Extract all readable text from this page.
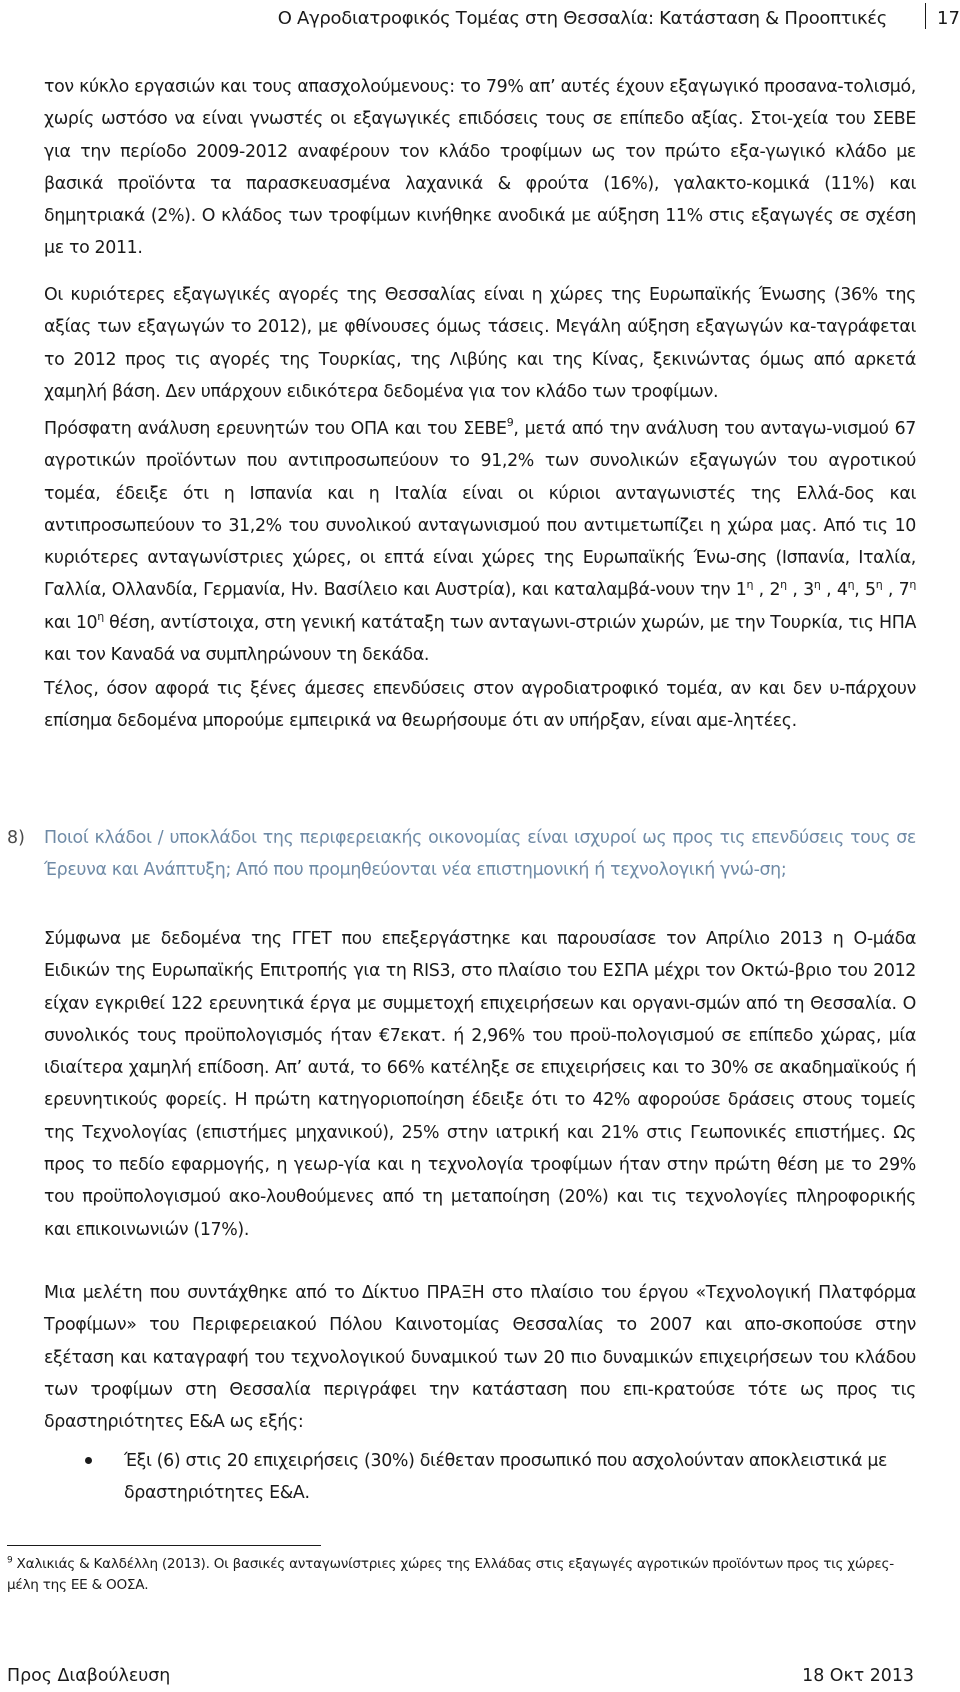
Ο Αγροδιατροφικός Τομέας στη Θεσσαλία: Κατάσταση & Προοπτικές	17

τον κύκλο εργασιών και τους απασχολούμενους: το 79% απ’ αυτές έχουν εξαγωγικό προσανα-τολισμό, χωρίς ωστόσο να είναι γνωστές οι εξαγωγικές επιδόσεις τους σε επίπεδο αξίας. Στοι-χεία του ΣΕΒΕ για την περίοδο 2009-2012 αναφέρουν τον κλάδο τροφίμων ως τον πρώτο εξα-γωγικό κλάδο με βασικά προϊόντα τα παρασκευασμένα λαχανικά & φρούτα (16%), γαλακτο-κομικά (11%) και δημητριακά (2%). Ο κλάδος των τροφίμων κινήθηκε ανοδικά με αύξηση 11% στις εξαγωγές σε σχέση με το 2011.

Οι κυριότερες εξαγωγικές αγορές της Θεσσαλίας είναι η χώρες της Ευρωπαϊκής Ένωσης (36% της αξίας των εξαγωγών το 2012), με φθίνουσες όμως τάσεις. Μεγάλη αύξηση εξαγωγών κα-ταγράφεται το 2012 προς τις αγορές της Τουρκίας, της Λιβύης και της Κίνας, ξεκινώντας όμως από αρκετά χαμηλή βάση. Δεν υπάρχουν ειδικότερα δεδομένα για τον κλάδο των τροφίμων.

Πρόσφατη ανάλυση ερευνητών του ΟΠΑ και του ΣΕΒΕ$^9$, μετά από την ανάλυση του ανταγω-νισμού 67 αγροτικών προϊόντων που αντιπροσωπεύουν το 91,2% των συνολικών εξαγωγών του αγροτικού τομέα, έδειξε ότι η Ισπανία και η Ιταλία είναι οι κύριοι ανταγωνιστές της Ελλά-δος και αντιπροσωπεύουν το 31,2% του συνολικού ανταγωνισμού που αντιμετωπίζει η χώρα μας. Από τις 10 κυριότερες ανταγωνίστριες χώρες, οι επτά είναι χώρες της Ευρωπαϊκής Ένω-σης (Ισπανία, Ιταλία, Γαλλία, Ολλανδία, Γερμανία, Ην. Βασίλειο και Αυστρία), και καταλαμβά-νουν την $1^\eta$ , $2^\eta$ , $3^\eta$ , $4^\eta$, $5^\eta$ , $7^\eta$ και $10^\eta$ θέση, αντίστοιχα, στη γενική κατάταξη των ανταγωνι-στριών χωρών, με την Τουρκία, τις ΗΠΑ και τον Καναδά να συμπληρώνουν τη δεκάδα.

Τέλος, όσον αφορά τις ξένες άμεσες επενδύσεις στον αγροδιατροφικό τομέα, αν και δεν υ-πάρχουν επίσημα δεδομένα μπορούμε εμπειρικά να θεωρήσουμε ότι αν υπήρξαν, είναι αμε-λητέες.

8) Ποιοί κλάδοι / υποκλάδοι της περιφερειακής οικονομίας είναι ισχυροί ως προς τις επενδύσεις τους σε Έρευνα και Ανάπτυξη; Από που προμηθεύονται νέα επιστημονική ή τεχνολογική γνώ-ση;

Σύμφωνα με δεδομένα της ΓΓΕΤ που επεξεργάστηκε και παρουσίασε τον Απρίλιο 2013 η Ο-μάδα Ειδικών της Ευρωπαϊκής Επιτροπής για τη RIS3, στο πλαίσιο του ΕΣΠΑ μέχρι τον Οκτώ-βριο του 2012 είχαν εγκριθεί 122 ερευνητικά έργα με συμμετοχή επιχειρήσεων και οργανι-σμών από τη Θεσσαλία. Ο συνολικός τους προϋπολογισμός ήταν €7εκατ. ή 2,96% του προϋ-πολογισμού σε επίπεδο χώρας, μία ιδιαίτερα χαμηλή επίδοση. Απ’ αυτά, το 66% κατέληξε σε επιχειρήσεις και το 30% σε ακαδημαϊκούς ή ερευνητικούς φορείς. Η πρώτη κατηγοριοποίηση έδειξε ότι το 42% αφορούσε δράσεις στους τομείς της Τεχνολογίας (επιστήμες μηχανικού), 25% στην ιατρική και 21% στις Γεωπονικές επιστήμες. Ως προς το πεδίο εφαρμογής, η γεωρ-γία και η τεχνολογία τροφίμων ήταν στην πρώτη θέση με το 29% του προϋπολογισμού ακο-λουθούμενες από τη μεταποίηση (20%) και τις τεχνολογίες πληροφορικής και επικοινωνιών (17%).

Μια μελέτη που συντάχθηκε από το Δίκτυο ΠΡΑΞΗ στο πλαίσιο του έργου «Τεχνολογική Πλατφόρμα Τροφίμων» του Περιφερειακού Πόλου Καινοτομίας Θεσσαλίας το 2007 και απο-σκοπούσε στην εξέταση και καταγραφή του τεχνολογικού δυναμικού των 20 πιο δυναμικών επιχειρήσεων του κλάδου των τροφίμων στη Θεσσαλία περιγράφει την κατάσταση που επι-κρατούσε τότε ως προς τις δραστηριότητες Ε&Α ως εξής:

Έξι (6) στις 20 επιχειρήσεις (30%) διέθεταν προσωπικό που ασχολούνταν αποκλειστικά με δραστηριότητες Ε&Α.

$^9$ Χαλικιάς & Καλδέλλη (2013). Οι βασικές ανταγωνίστριες χώρες της Ελλάδας στις εξαγωγές αγροτικών προϊόντων προς τις χώρες-μέλη της ΕΕ & ΟΟΣΑ.

Προς Διαβούλευση	18 Οκτ 2013
